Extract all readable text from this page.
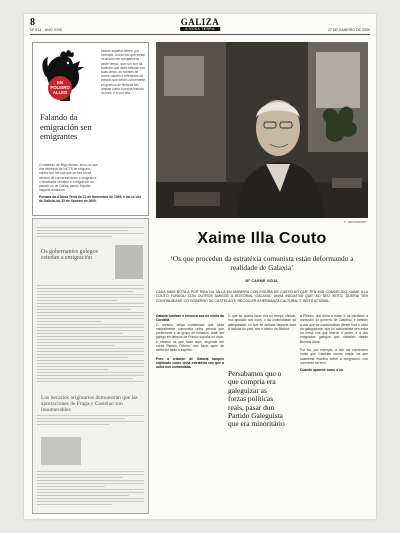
8
Nº 914 · ANO XXIII
GALIZA
A NOSA TERRA	27 DE XANEIRO DE 2000
EN
POLEIRO
ALLEO
Falando da emigración sen emigrantes
O cabaleiro de Íñigo Alonso, levou un poé dos dinheiros de NICTS de ninguén, nunha non me soa que se fora un da sección de conversas entre o xeografo e o historiador Montero e a migración do pasado ou de Galiza, cando España naquela andadura.
mundo español deben, por exemplo, a todo isto que existe no aluvión de compañeiros deste tempo, que non son dá tradición que debe estudar con suas obras, os axentes de novos valores e referentes de tránsito que deben converterse en guieiros de lecturas tan amplas coma a propia historia do país, e lo por riba.
Portada da A Nosa Terra do 11 de Novembro de 1999, e da La Voz de Galicia, do 25 de Xaneiro de 2000.
Os gobernantes galegos estudan a emigración
Los becarios originarios demuestran que las aportaciones de Fraga y Castelao son innumerables
X. SEOANE/ANT
Xaime Illa Couto
‘Os que proceden da estratéxia comunista están deformando a realidade de Galaxia’
Mª CARME VIDAL
CADA MAIS BOTA A POR RIBA DA TALLA EN MANEIRA CON FIGURA DE CASTELAO QUE TEN MOI CONDECIDO XAIME ILLA COUTO FUNDOU CON OUTROS AMIGOS A EDITORIAL GALAXIA, UNHA INICIATIVA QUE, AO SEU XEITO, QUERIA TER CONTINUIDADE CO GOBERNO DE CASTELAO E RECOLLER A HERDANZA CULTURAL E INSTITUCIONAL.
Galaxia fundase e renunca aos de moito da Cordella.
O mesmo artiga conténtase que sexa naturalmente comunista unha persoa que pertencese a un grupo de fichados, onde ser galego en tempos de Franco supoña un risco, e mesmo os que fican aquí, segundo me conta Ramón Piñeiro, non foron quen de defender tanto o espírito.
Pero a criación de Galaxia tampén explicado como unha estratéxia cos que a outra non comandaba.
O que se queria facer era un tempo oficiais, moi apoiado nos dous, o da continuidade da galeguidade, co que se debatia daquela toda a historia do país, sen o centro de Madrid.
Persabamos que o que compria era galeguizar as forzas políticas reais, pasar dun Partido Galeguista que era minoritário
a Piñeiro, que tinha a maior e os ministros a confusión do goberno de Castelao, e tambén a dos que se cuestionaban dende fora o valor da galeguidade, que foi nacionalista sen estar na mesa cos que tiveron o poder, e a dos emigrados galegos que voltaban desde Buenos Aires.
Por iso, por exemplo, a mín me convenceu moito que Castelao nunha etapa, na que soamente escribía sobre a emigración, non cometese tal erro.
Cuando aparece como o eu.
